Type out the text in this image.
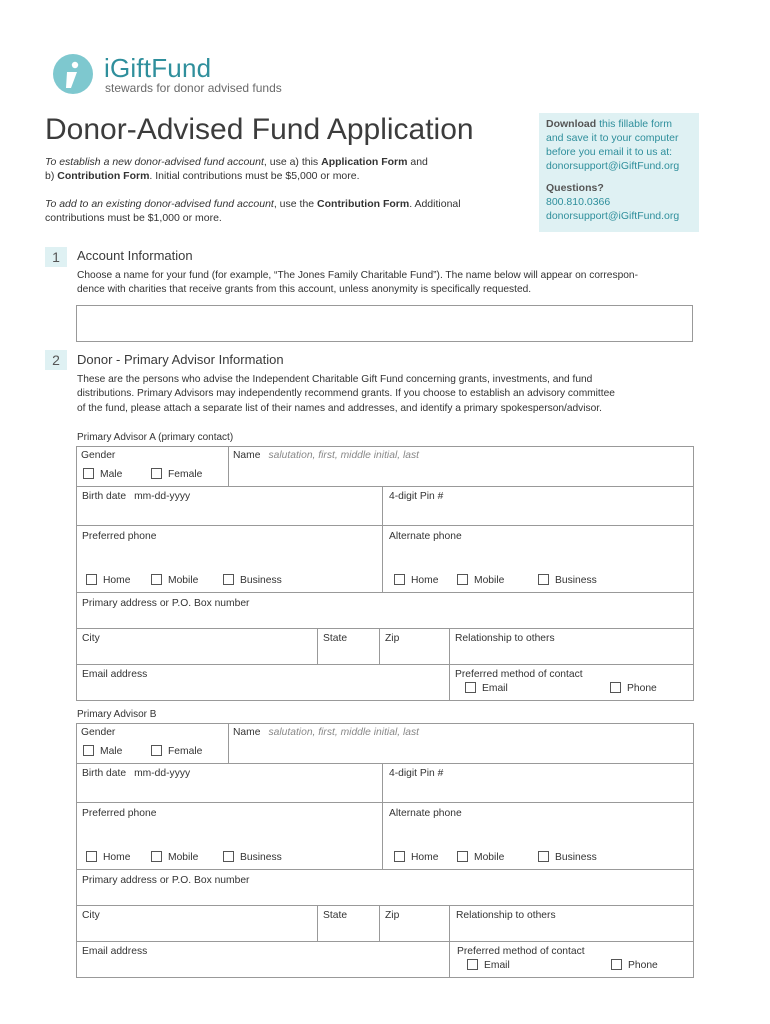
iGiftFund
stewards for donor advised funds
Donor-Advised Fund Application
To establish a new donor-advised fund account, use a) this Application Form and
b) Contribution Form. Initial contributions must be $5,000 or more.
To add to an existing donor-advised fund account, use the Contribution Form. Additional
contributions must be $1,000 or more.
Download this fillable form
and save it to your computer
before you email it to us at:
donorsupport@iGiftFund.org
Questions?
800.810.0366
donorsupport@iGiftFund.org
1	Account Information
Choose a name for your fund (for example, “The Jones Family Charitable Fund”). The name below will appear on correspon-
dence with charities that receive grants from this account, unless anonymity is specifically requested.
2	Donor - Primary Advisor Information
These are the persons who advise the Independent Charitable Gift Fund concerning grants, investments, and fund
distributions. Primary Advisors may independently recommend grants. If you choose to establish an advisory committee
of the fund, please attach a separate list of their names and addresses, and identify a primary spokesperson/advisor.
Primary Advisor A (primary contact)
Gender
Male	Female
Name salutation, first, middle initial, last
Birth date mm-dd-yyyy	4-digit Pin #
Preferred phone
Home	Mobile	Business
Alternate phone
Home	Mobile	Business
Primary address or P.O. Box number
City	State	Zip	Relationship to others
Email address	Preferred method of contact
Email	Phone
Primary Advisor B
Gender
Male	Female
Name salutation, first, middle initial, last
Birth date mm-dd-yyyy	4-digit Pin #
Preferred phone
Home	Mobile	Business
Alternate phone
Home	Mobile	Business
Primary address or P.O. Box number
City	State	Zip	Relationship to others
Email address	Preferred method of contact
Email	Phone
